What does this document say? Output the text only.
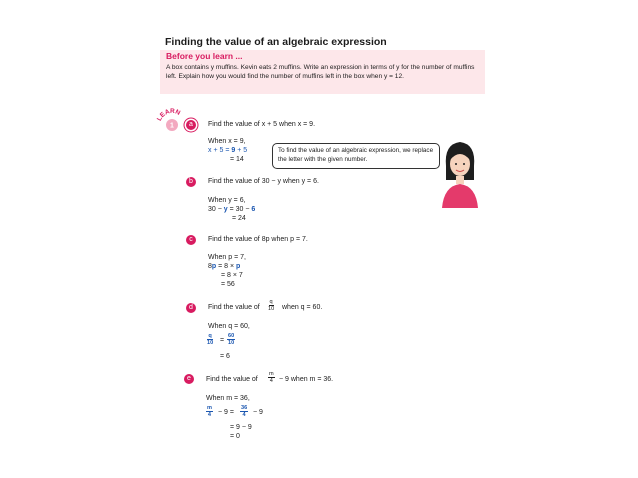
Finding the value of an algebraic expression
Before you learn ...
A box contains y muffins. Kevin eats 2 muffins. Write an expression in terms of y for the number of muffins left. Explain how you would find the number of muffins left in the box when y = 12.
LEARN
1	a	Find the value of x + 5 when x = 9.
When x = 9,
x + 5 = 9 + 5
= 14
To find the value of an algebraic expression, we replace the letter with the given number.
b	Find the value of 30 − y when y = 6.
When y = 6,
30 − y = 30 − 6
= 24
c	Find the value of 8p when p = 7.
When p = 7,
8p = 8 × p
= 8 × 7
= 56
d	Find the value of $\frac{q}{10}$ when q = 60.
When q = 60,
$\frac{q}{10} = \frac{60}{10}$
= 6
e	Find the value of $\frac{m}{4} - 9$ when m = 36.
When m = 36,
$\frac{m}{4} - 9 = \frac{36}{4} - 9$
= 9 − 9
= 0
